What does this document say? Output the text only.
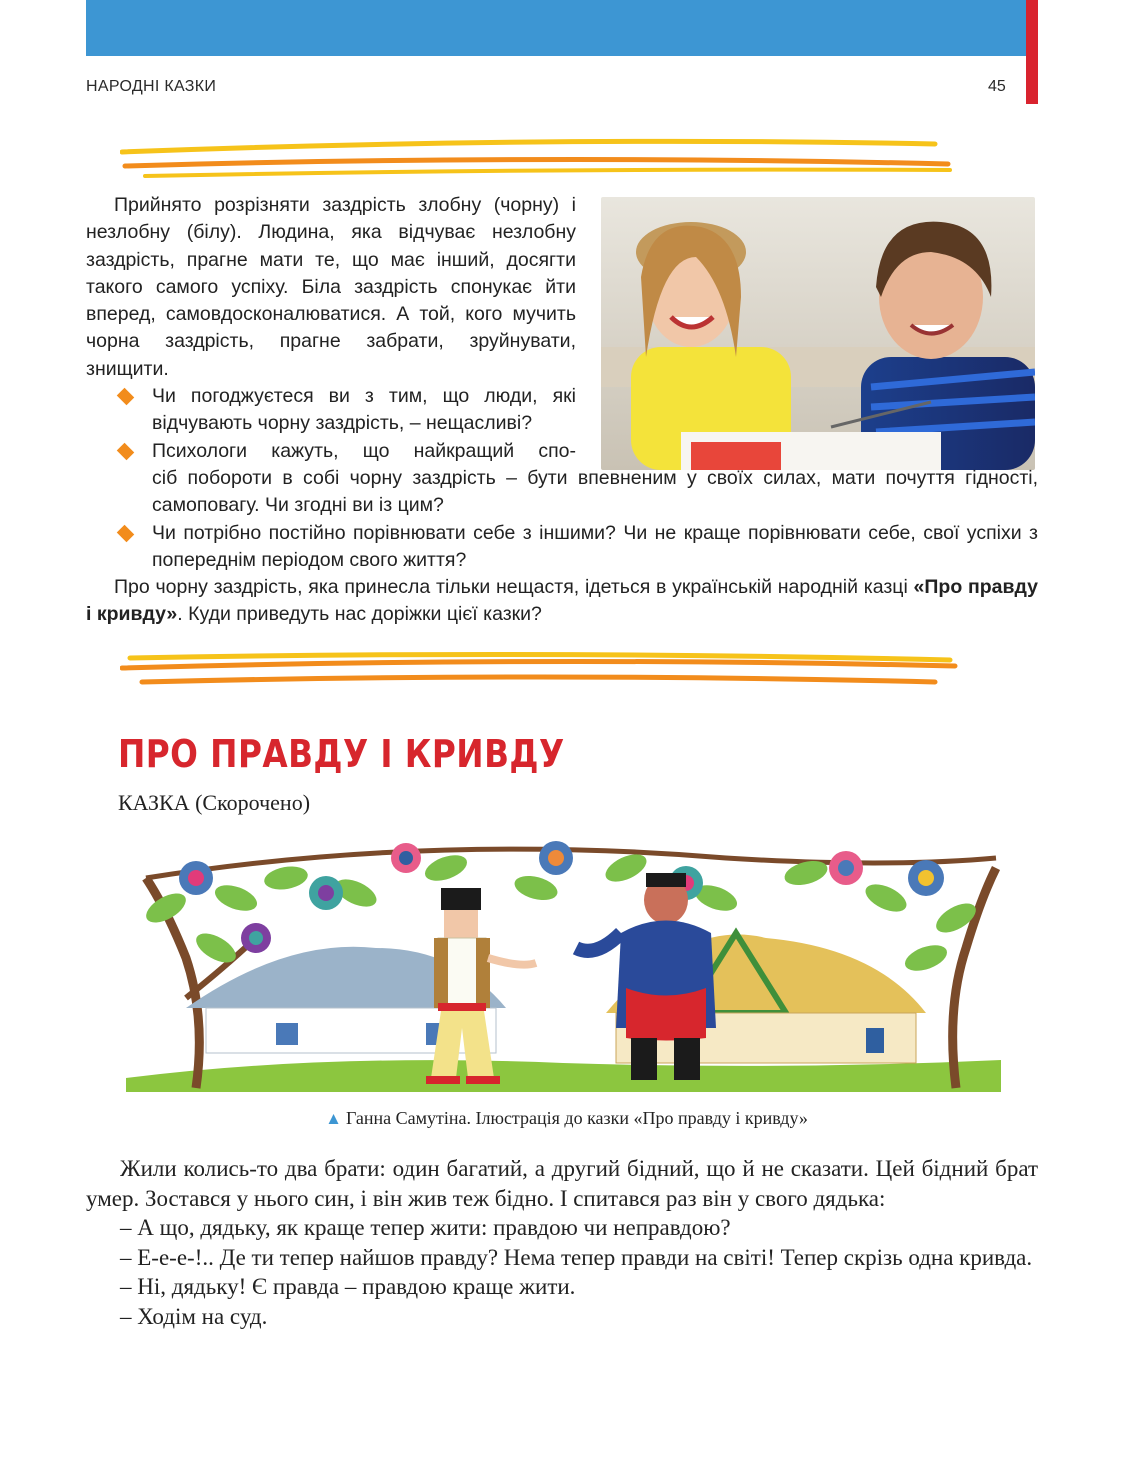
НАРОДНІ КАЗКИ	45

Прийнято розрізняти заздрість злобну (чорну) і незлобну (білу). Людина, яка відчуває незлобну заздрість, прагне мати те, що має інший, досягти такого самого успіху. Біла заздрість спонукає йти вперед, самовдосконалюватися. А той, кого мучить чорна заздрість, прагне забрати, зруйнувати, знищити.

Чи погоджуєтеся ви з тим, що люди, які відчувають чорну заздрість, – нещасливі?
Психологи кажуть, що найкращий спо-
сіб побороти в собі чорну заздрість – бути впевненим у своїх силах, мати почуття гідності, самоповагу. Чи згодні ви із цим?
Чи потрібно постійно порівнювати себе з іншими? Чи не краще порівнювати себе, свої успіхи з попереднім періодом свого життя?

Про чорну заздрість, яка принесла тільки нещастя, ідеться в українській народній казці «Про правду і кривду». Куди приведуть нас доріжки цієї казки?

ПРО ПРАВДУ І КРИВДУ
КАЗКА (Скорочено)
▲ Ганна Самутіна. Ілюстрація до казки «Про правду і кривду»

Жили колись-то два брати: один багатий, а другий бідний, що й не сказати. Цей бідний брат умер. Зостався у нього син, і він жив теж бідно. І спитався раз він у свого дядька:

– А що, дядьку, як краще тепер жити: правдою чи неправдою?

– Е-е-е-!.. Де ти тепер найшов правду? Нема тепер правди на світі! Тепер скрізь одна кривда.

– Ні, дядьку! Є правда – правдою краще жити.

– Ходім на суд.
